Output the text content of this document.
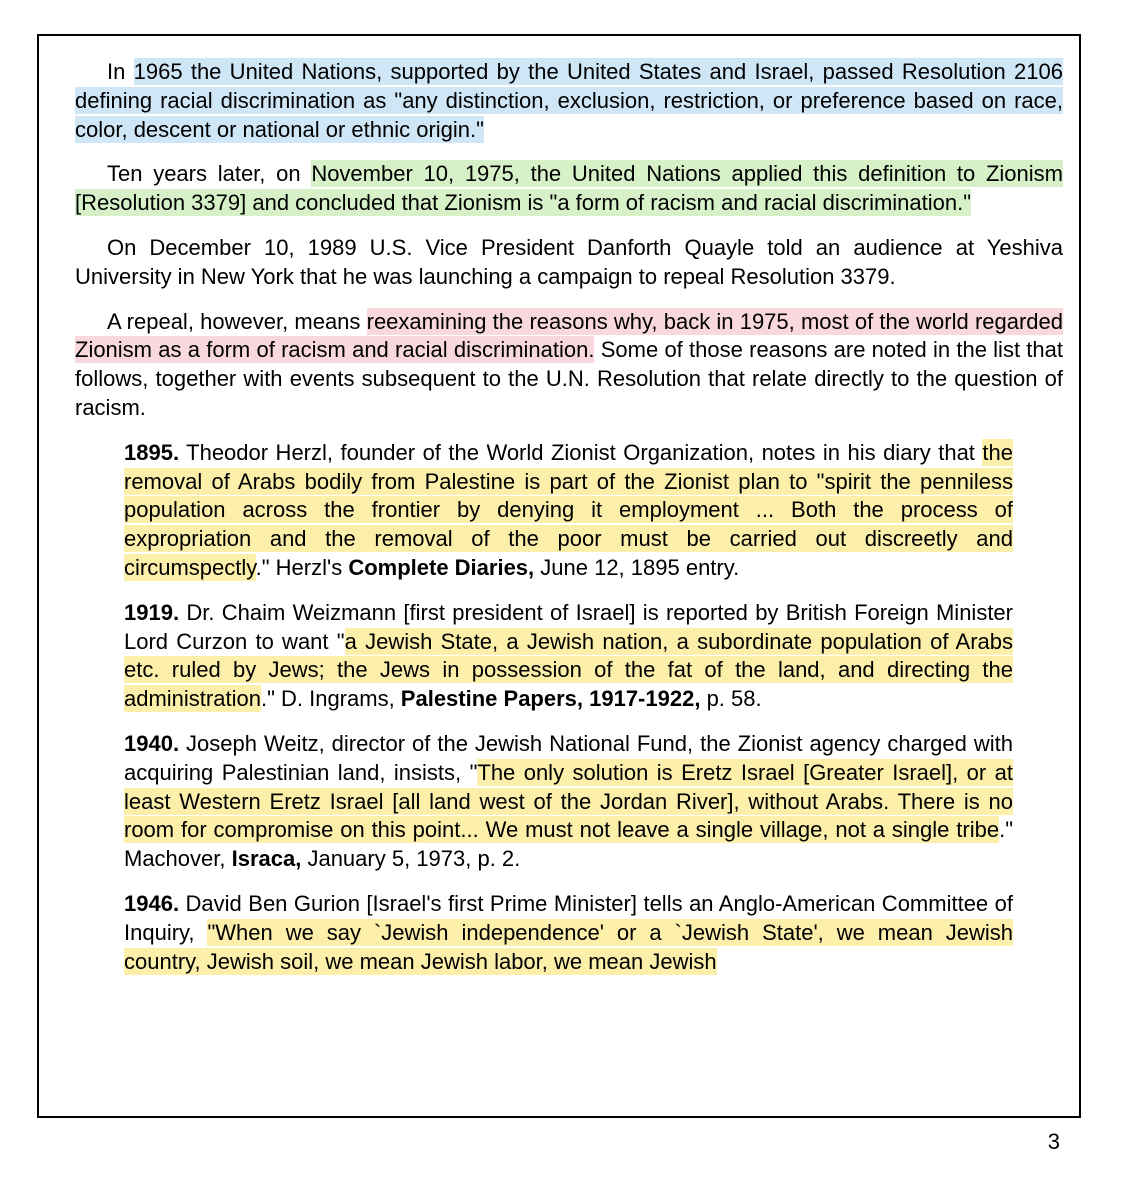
In 1965 the United Nations, supported by the United States and Israel, passed Resolution 2106 defining racial discrimination as "any distinction, exclusion, restriction, or preference based on race, color, descent or national or ethnic origin."

Ten years later, on November 10, 1975, the United Nations applied this definition to Zionism [Resolution 3379] and concluded that Zionism is "a form of racism and racial discrimination."

On December 10, 1989 U.S. Vice President Danforth Quayle told an audience at Yeshiva University in New York that he was launching a campaign to repeal Resolution 3379.

A repeal, however, means reexamining the reasons why, back in 1975, most of the world regarded Zionism as a form of racism and racial discrimination. Some of those reasons are noted in the list that follows, together with events subsequent to the U.N. Resolution that relate directly to the question of racism.

1895. Theodor Herzl, founder of the World Zionist Organization, notes in his diary that the removal of Arabs bodily from Palestine is part of the Zionist plan to "spirit the penniless population across the frontier by denying it employment ... Both the process of expropriation and the removal of the poor must be carried out discreetly and circumspectly." Herzl's Complete Diaries, June 12, 1895 entry.

1919. Dr. Chaim Weizmann [first president of Israel] is reported by British Foreign Minister Lord Curzon to want "a Jewish State, a Jewish nation, a subordinate population of Arabs etc. ruled by Jews; the Jews in possession of the fat of the land, and directing the administration." D. Ingrams, Palestine Papers, 1917-1922, p. 58.

1940. Joseph Weitz, director of the Jewish National Fund, the Zionist agency charged with acquiring Palestinian land, insists, "The only solution is Eretz Israel [Greater Israel], or at least Western Eretz Israel [all land west of the Jordan River], without Arabs. There is no room for compromise on this point... We must not leave a single village, not a single tribe." Machover, Israca, January 5, 1973, p. 2.

1946. David Ben Gurion [Israel's first Prime Minister] tells an Anglo-American Committee of Inquiry, "When we say `Jewish independence' or a `Jewish State', we mean Jewish country, Jewish soil, we mean Jewish labor, we mean Jewish

3
